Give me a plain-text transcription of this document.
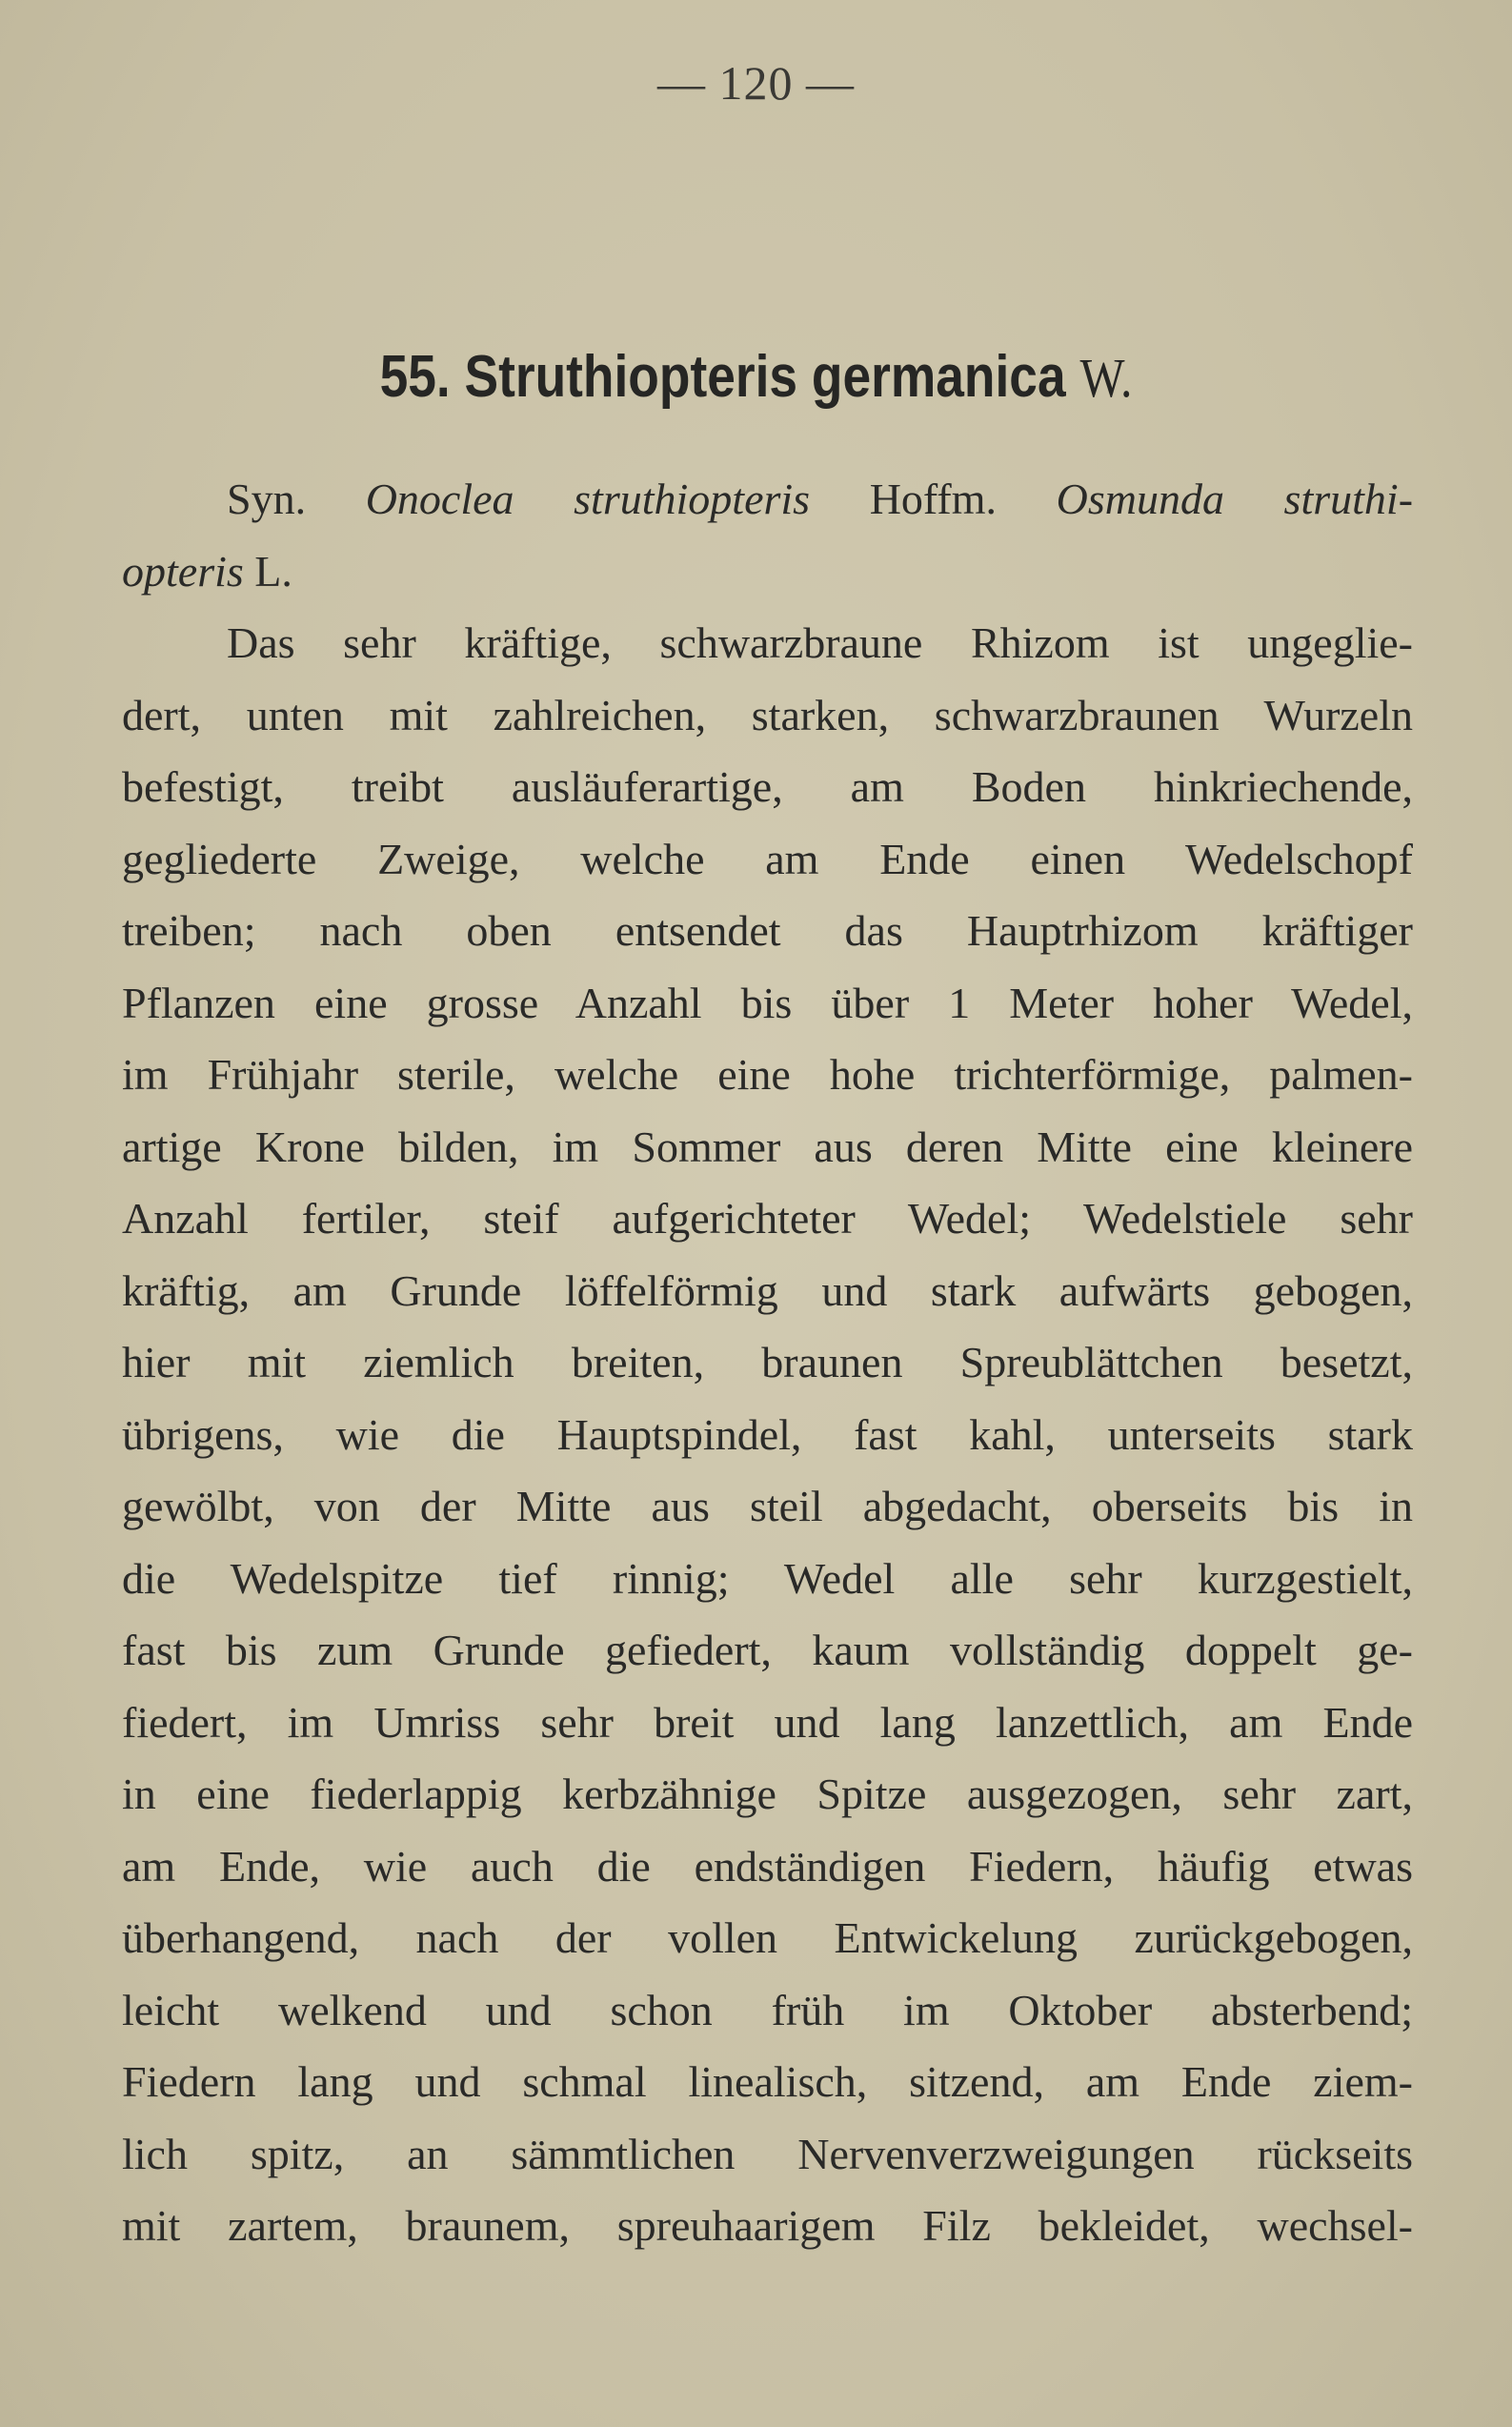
— 120 —
55. Struthiopteris germanica W.
Syn. Onoclea struthiopteris Hoffm. Osmunda struthi-
opteris L.
Das sehr kräftige, schwarzbraune Rhizom ist ungeglie-
dert, unten mit zahlreichen, starken, schwarzbraunen Wurzeln
befestigt, treibt ausläuferartige, am Boden hinkriechende,
gegliederte Zweige, welche am Ende einen Wedelschopf
treiben; nach oben entsendet das Hauptrhizom kräftiger
Pflanzen eine grosse Anzahl bis über 1 Meter hoher Wedel,
im Frühjahr sterile, welche eine hohe trichterförmige, palmen-
artige Krone bilden, im Sommer aus deren Mitte eine kleinere
Anzahl fertiler, steif aufgerichteter Wedel; Wedelstiele sehr
kräftig, am Grunde löffelförmig und stark aufwärts gebogen,
hier mit ziemlich breiten, braunen Spreublättchen besetzt,
übrigens, wie die Hauptspindel, fast kahl, unterseits stark
gewölbt, von der Mitte aus steil abgedacht, oberseits bis in
die Wedelspitze tief rinnig; Wedel alle sehr kurzgestielt,
fast bis zum Grunde gefiedert, kaum vollständig doppelt ge-
fiedert, im Umriss sehr breit und lang lanzettlich, am Ende
in eine fiederlappig kerbzähnige Spitze ausgezogen, sehr zart,
am Ende, wie auch die endständigen Fiedern, häufig etwas
überhangend, nach der vollen Entwickelung zurückgebogen,
leicht welkend und schon früh im Oktober absterbend;
Fiedern lang und schmal linealisch, sitzend, am Ende ziem-
lich spitz, an sämmtlichen Nervenverzweigungen rückseits
mit zartem, braunem, spreuhaarigem Filz bekleidet, wechsel-
